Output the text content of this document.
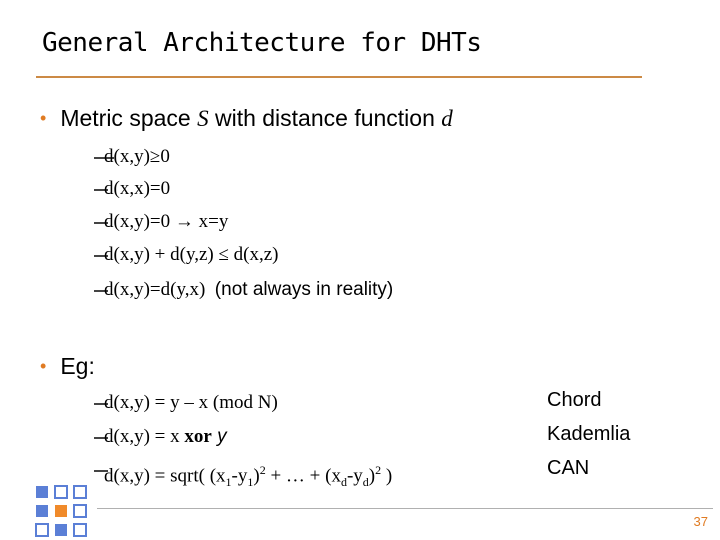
General Architecture for DHTs
• Metric space S with distance function d
d(x,y)≥0
d(x,x)=0
d(x,y)=0 → x=y
d(x,y) + d(y,z) ≤ d(x,z)
d(x,y)=d(y,x) (not always in reality)
• Eg:
d(x,y) = y – x (mod N)
d(x,y) = x xor y
d(x,y) = sqrt( $(x_1-y_1)^2$ + … + $(x_d-y_d)^2$ )
Chord
Kademlia
CAN
37
